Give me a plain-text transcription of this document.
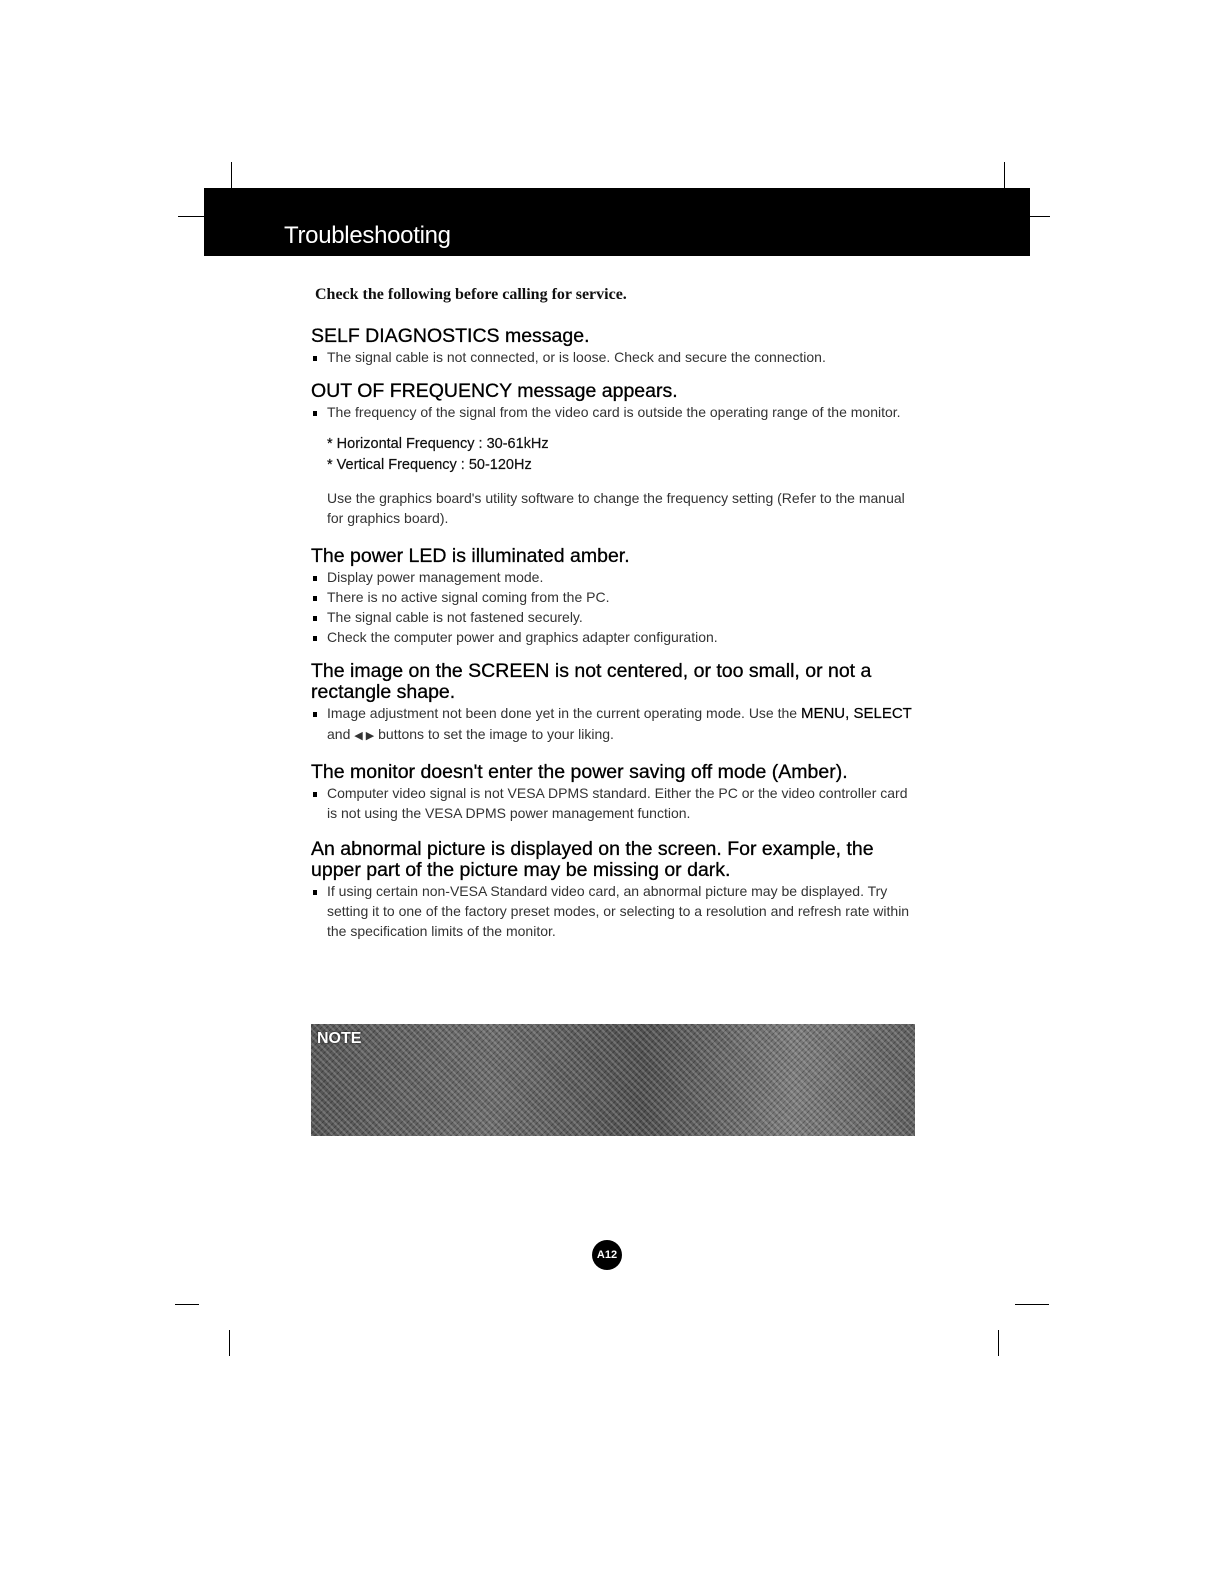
Troubleshooting
Check the following before calling for service.
SELF DIAGNOSTICS message.
The signal cable is not connected, or is loose. Check and secure the connection.
OUT OF FREQUENCY message appears.
The frequency of the signal from the video card is outside the operating range of the monitor.
* Horizontal Frequency : 30-61kHz
* Vertical Frequency : 50-120Hz
Use the graphics board's utility software to change the frequency setting (Refer to the manual for graphics board).
The power LED is illuminated amber.
Display power management mode.
There is no active signal coming from the PC.
The signal cable is not fastened securely.
Check the computer power and graphics adapter configuration.
The image on the SCREEN is not centered, or too small, or not a rectangle shape.
Image adjustment not been done yet in the current operating mode. Use the MENU, SELECT and ◀ ▶ buttons to set the image to your liking.
The monitor doesn't enter the power saving off mode (Amber).
Computer video signal is not VESA DPMS standard. Either the PC or the video controller card is not using the VESA DPMS power management function.
An abnormal picture is displayed on the screen. For example, the upper part of the picture may be missing or dark.
If using certain non-VESA Standard video card, an abnormal picture may be displayed. Try setting it to one of the factory preset modes, or selecting to a resolution and refresh rate within the specification limits of the monitor.
NOTE
A12
